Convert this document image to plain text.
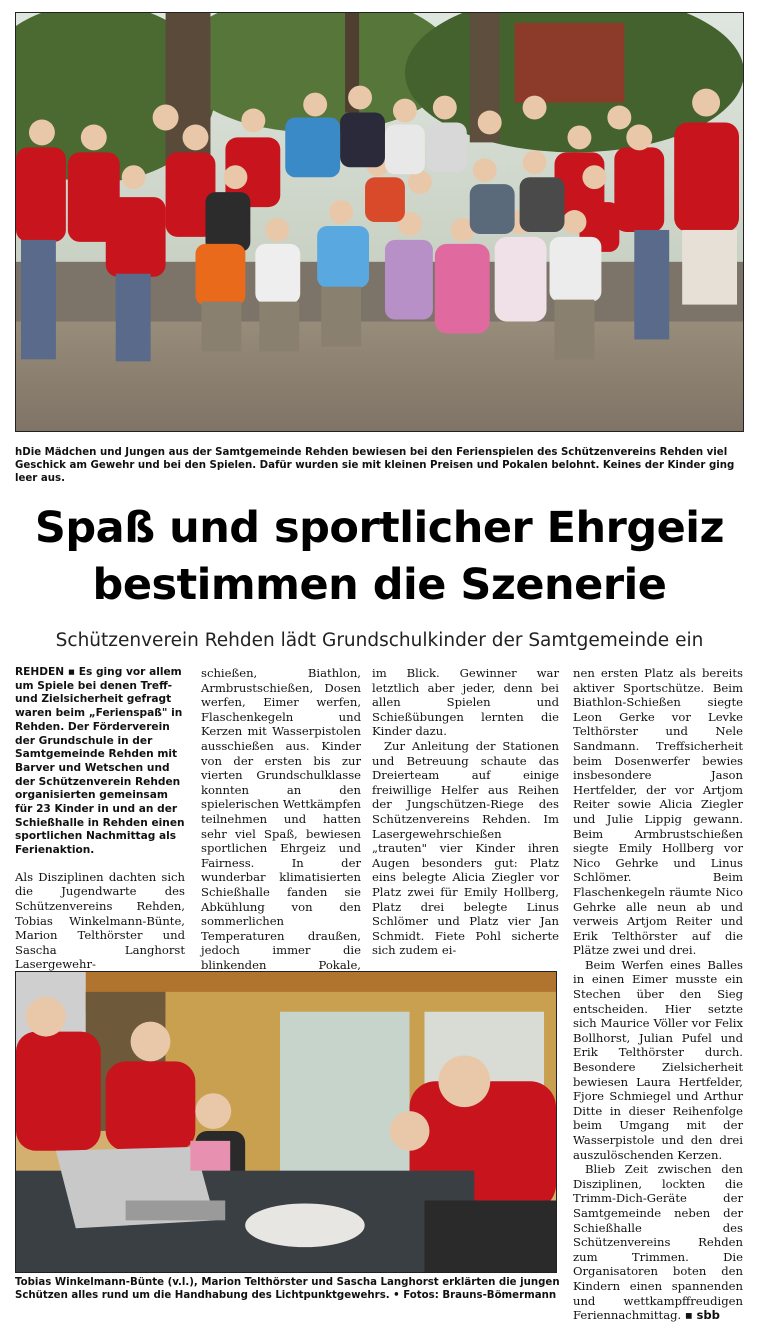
hDie Mädchen und Jungen aus der Samtgemeinde Rehden bewiesen bei den Ferienspielen des Schützenvereins Rehden viel Geschick am Gewehr und bei den Spielen. Dafür wurden sie mit kleinen Preisen und Pokalen belohnt. Keines der Kinder ging leer aus.
Spaß und sportlicher Ehrgeiz
bestimmen die Szenerie
Schützenverein Rehden lädt Grundschulkinder der Samtgemeinde ein

REHDEN ▪ Es ging vor allem um Spiele bei denen Treff- und Zielsicherheit gefragt waren beim „Ferienspaß" in Rehden. Der Förderverein der Grundschule in der Samtgemeinde Rehden mit Barver und Wetschen und der Schützenverein Rehden organisierten gemeinsam für 23 Kinder in und an der Schießhalle in Rehden einen sportlichen Nachmittag als Ferienaktion.

Als Disziplinen dachten sich die Jugendwarte des Schützenvereins Rehden, Tobias Winkelmann-Bünte, Marion Telthörster und Sascha Langhorst Lasergewehr-

schießen, Biathlon, Armbrustschießen, Dosen werfen, Eimer werfen, Flaschenkegeln und Kerzen mit Wasserpistolen ausschießen aus. Kinder von der ersten bis zur vierten Grundschulklasse konnten an den spielerischen Wettkämpfen teilnehmen und hatten sehr viel Spaß, bewiesen sportlichen Ehrgeiz und Fairness. In der wunderbar klimatisierten Schießhalle fanden sie Abkühlung von den sommerlichen Temperaturen draußen, jedoch immer die blinkenden Pokale,

im Blick. Gewinner war letztlich aber jeder, denn bei allen Spielen und Schießübungen lernten die Kinder dazu.

Zur Anleitung der Stationen und Betreuung schaute das Dreierteam auf einige freiwillige Helfer aus Reihen der Jungschützen-Riege des Schützenvereins Rehden. Im Lasergewehrschießen „trauten" vier Kinder ihren Augen besonders gut: Platz eins belegte Alicia Ziegler vor Platz zwei für Emily Hollberg, Platz drei belegte Linus Schlömer und Platz vier Jan Schmidt. Fiete Pohl sicherte sich zudem ei-

nen ersten Platz als bereits aktiver Sportschütze. Beim Biathlon-Schießen siegte Leon Gerke vor Levke Telthörster und Nele Sandmann. Treffsicherheit beim Dosenwerfer bewies insbesondere Jason Hertfelder, der vor Artjom Reiter sowie Alicia Ziegler und Julie Lippig gewann. Beim Armbrustschießen siegte Emily Hollberg vor Nico Gehrke und Linus Schlömer. Beim Flaschenkegeln räumte Nico Gehrke alle neun ab und verweis Artjom Reiter und Erik Telthörster auf die Plätze zwei und drei.

Beim Werfen eines Balles in einen Eimer musste ein Stechen über den Sieg entscheiden. Hier setzte sich Maurice Völler vor Felix Bollhorst, Julian Pufel und Erik Telthörster durch. Besondere Zielsicherheit bewiesen Laura Hertfelder, Fjore Schmiegel und Arthur Ditte in dieser Reihenfolge beim Umgang mit der Wasserpistole und den drei auszulöschenden Kerzen.

Blieb Zeit zwischen den Disziplinen, lockten die Trimm-Dich-Geräte der Samtgemeinde neben der Schießhalle des Schützenvereins Rehden zum Trimmen. Die Organisatoren boten den Kindern einen spannenden und wettkampffreudigen Feriennachmittag. ▪ sbb

Tobias Winkelmann-Bünte (v.l.), Marion Telthörster und Sascha Langhorst erklärten die jungen Schützen alles rund um die Handhabung des Lichtpunktgewehrs. • Fotos: Brauns-Bömermann
